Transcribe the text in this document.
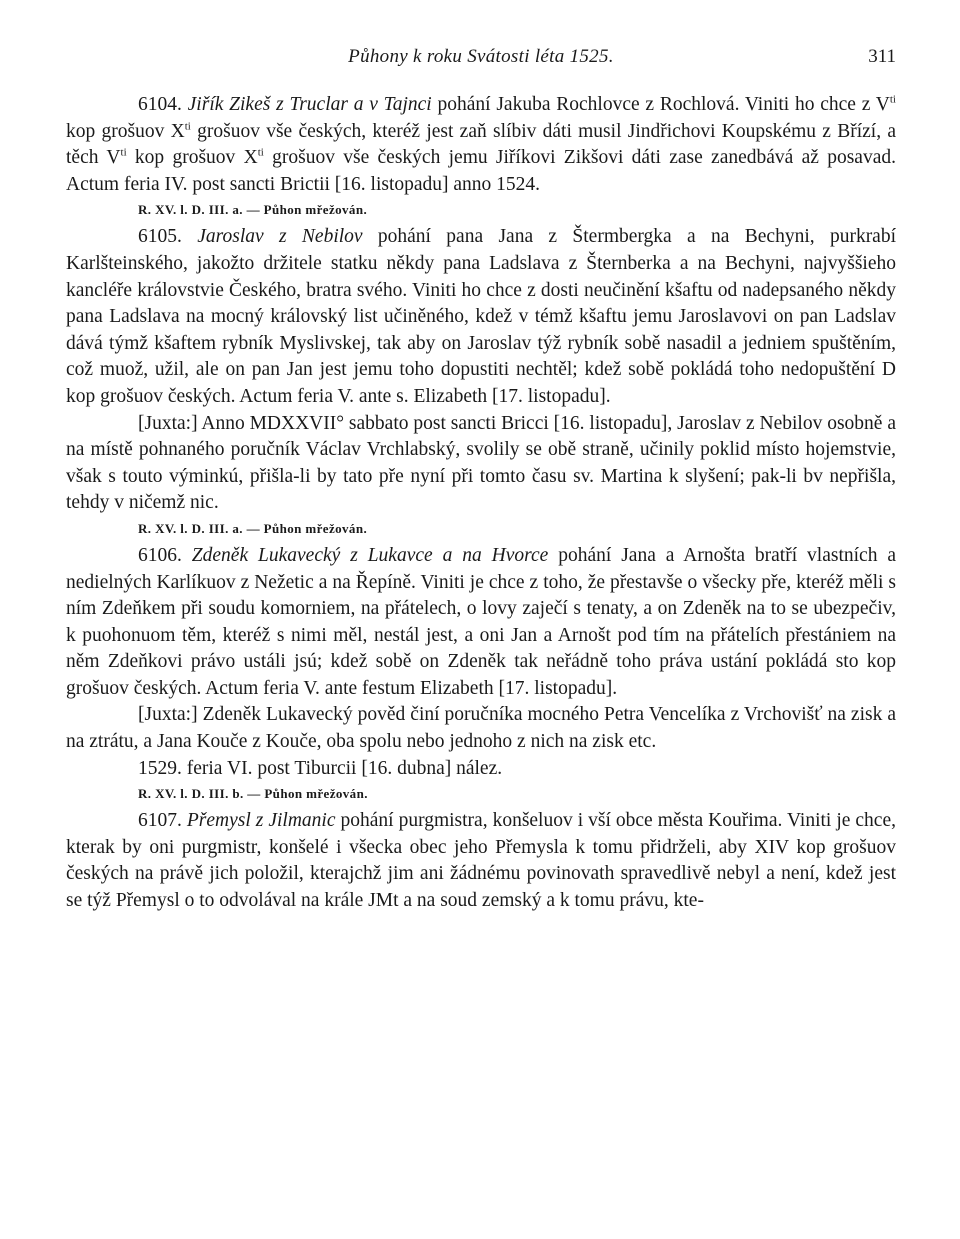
Půhony k roku Svátosti léta 1525.	311

6104. Jiřík Zikeš z Truclar a v Tajnci pohání Jakuba Rochlovce z Rochlová. Viniti ho chce z $V^{ti}$ kop grošuov $X^{ti}$ grošuov vše českých, kteréž jest zaň slíbiv dáti musil Jindřichovi Koupskému z Břízí, a těch $V^{ti}$ kop grošuov $X^{ti}$ grošuov vše českých jemu Jiříkovi Zikšovi dáti zase zanedbává až posavad. Actum feria IV. post sancti Brictii [16. listopadu] anno 1524.

R. XV. l. D. III. a. — Půhon mřežován.

6105. Jaroslav z Nebilov pohání pana Jana z Štermbergka a na Bechyni, purkrabí Karlšteinského, jakožto držitele statku někdy pana Ladslava z Šternberka a na Bechyni, najvyššieho kancléře královstvie Českého, bratra svého. Viniti ho chce z dosti neučinění kšaftu od nadepsaného někdy pana Ladslava na mocný královský list učiněného, kdež v témž kšaftu jemu Jaroslavovi on pan Ladslav dává týmž kšaftem rybník Myslivskej, tak aby on Jaroslav týž rybník sobě nasadil a jedniem spuštěním, což muož, užil, ale on pan Jan jest jemu toho dopustiti nechtěl; kdež sobě pokládá toho nedopuštění D kop grošuov českých. Actum feria V. ante s. Elizabeth [17. listopadu].

[Juxta:] Anno MDXXVII° sabbato post sancti Bricci [16. listopadu], Jaroslav z Nebilov osobně a na místě pohnaného poručník Václav Vrchlabský, svolily se obě straně, učinily poklid místo hojemstvie, však s touto výminkú, přišla-li by tato pře nyní při tomto času sv. Martina k slyšení; pak-li bv nepřišla, tehdy v ničemž nic.

R. XV. l. D. III. a. — Půhon mřežován.

6106. Zdeněk Lukavecký z Lukavce a na Hvorce pohání Jana a Arnošta bratří vlastních a nedielných Karlíkuov z Nežetic a na Řepíně. Viniti je chce z toho, že přestavše o všecky pře, kteréž měli s ním Zdeňkem při soudu komorniem, na přátelech, o lovy zaječí s tenaty, a on Zdeněk na to se ubezpečiv, k puohonuom těm, kteréž s nimi měl, nestál jest, a oni Jan a Arnošt pod tím na přátelích přestániem na něm Zdeňkovi právo ustáli jsú; kdež sobě on Zdeněk tak neřádně toho práva ustání pokládá sto kop grošuov českých. Actum feria V. ante festum Elizabeth [17. listopadu].

[Juxta:] Zdeněk Lukavecký pověd činí poručníka mocného Petra Vencelíka z Vrchovišť na zisk a na ztrátu, a Jana Kouče z Kouče, oba spolu nebo jednoho z nich na zisk etc.

1529. feria VI. post Tiburcii [16. dubna] nález.

R. XV. l. D. III. b. — Půhon mřežován.

6107. Přemysl z Jilmanic pohání purgmistra, konšeluov i vší obce města Kouřima. Viniti je chce, kterak by oni purgmistr, konšelé i všecka obec jeho Přemysla k tomu přidrželi, aby XIV kop grošuov českých na právě jich položil, kterajchž jim ani žádnému povinovath spravedlivě nebyl a není, kdež jest se týž Přemysl o to odvolával na krále JMt a na soud zemský a k tomu právu, kte-
